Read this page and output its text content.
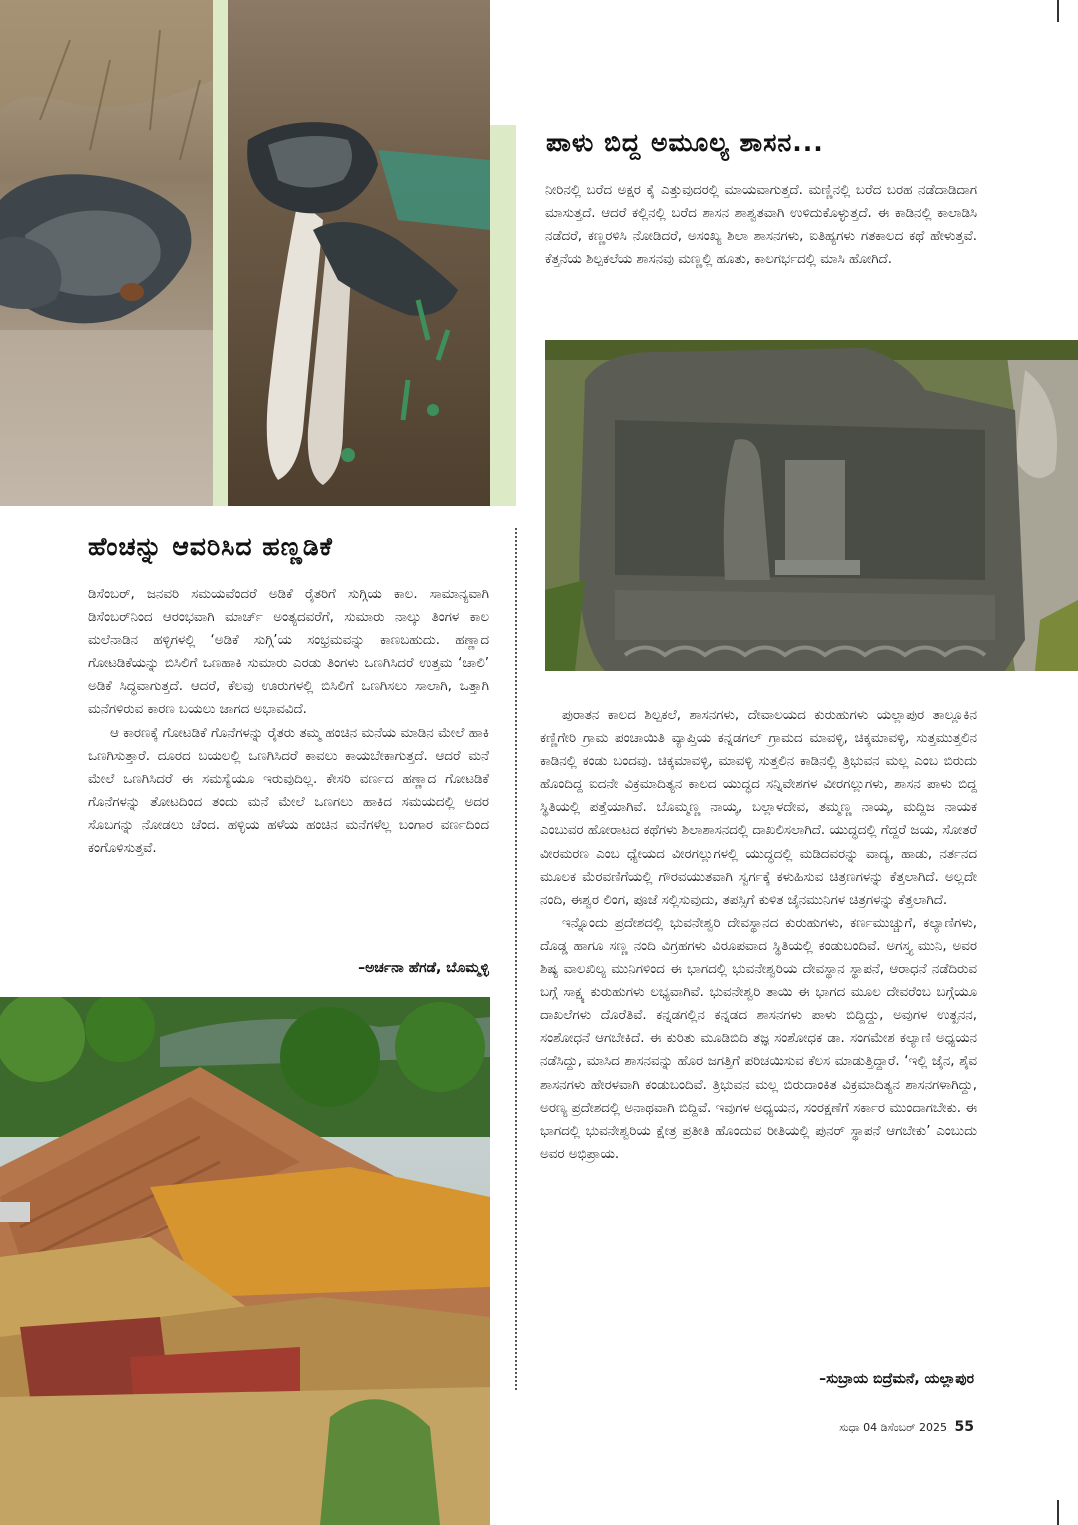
ಪಾಳು ಬಿದ್ದ ಅಮೂಲ್ಯ ಶಾಸನ...

ನೀರಿನಲ್ಲಿ ಬರೆದ ಅಕ್ಷರ ಕೈ ಎತ್ತುವುದರಲ್ಲಿ ಮಾಯವಾಗುತ್ತದೆ. ಮಣ್ಣಿನಲ್ಲಿ ಬರೆದ ಬರಹ ನಡೆದಾಡಿದಾಗ ಮಾಸುತ್ತದೆ. ಆದರೆ ಕಲ್ಲಿನಲ್ಲಿ ಬರೆದ ಶಾಸನ ಶಾಶ್ವತವಾಗಿ ಉಳಿದುಕೊಳ್ಳುತ್ತದೆ. ಈ ಕಾಡಿನಲ್ಲಿ ಕಾಲಾಡಿಸಿ ನಡೆದರೆ, ಕಣ್ಣರಳಿಸಿ ನೋಡಿದರೆ, ಅಸಂಖ್ಯ ಶಿಲಾ ಶಾಸನಗಳು, ಐತಿಹ್ಯಗಳು ಗತಕಾಲದ ಕಥೆ ಹೇಳುತ್ತವೆ. ಕೆತ್ತನೆಯ ಶಿಲ್ಪಕಲೆಯ ಶಾಸನವು ಮಣ್ಣಲ್ಲಿ ಹೂತು, ಕಾಲಗರ್ಭದಲ್ಲಿ ಮಾಸಿ ಹೋಗಿದೆ.

ಹೆಂಚನ್ನು ಆವರಿಸಿದ ಹಣ್ಣಡಿಕೆ

ಡಿಸೆಂಬರ್, ಜನವರಿ ಸಮಯವೆಂದರೆ ಅಡಿಕೆ ರೈತರಿಗೆ ಸುಗ್ಗಿಯ ಕಾಲ. ಸಾಮಾನ್ಯವಾಗಿ ಡಿಸೆಂಬರ್‌ನಿಂದ ಆರಂಭವಾಗಿ ಮಾರ್ಚ್ ಅಂತ್ಯದವರೆಗೆ, ಸುಮಾರು ನಾಲ್ಕು ತಿಂಗಳ ಕಾಲ ಮಲೆನಾಡಿನ ಹಳ್ಳಿಗಳಲ್ಲಿ ‘ಅಡಿಕೆ ಸುಗ್ಗಿ’ಯ ಸಂಭ್ರಮವನ್ನು ಕಾಣಬಹುದು. ಹಣ್ಣಾದ ಗೋಟಡಿಕೆಯನ್ನು ಬಿಸಿಲಿಗೆ ಒಣಹಾಕಿ ಸುಮಾರು ಎರಡು ತಿಂಗಳು ಒಣಗಿಸಿದರೆ ಉತ್ತಮ ‘ಚಾಲಿ’ ಅಡಿಕೆ ಸಿದ್ಧವಾಗುತ್ತದೆ. ಆದರೆ, ಕೆಲವು ಊರುಗಳಲ್ಲಿ ಬಿಸಿಲಿಗೆ ಒಣಗಿಸಲು ಸಾಲಾಗಿ, ಒತ್ತಾಗಿ ಮನೆಗಳಿರುವ ಕಾರಣ ಬಯಲು ಜಾಗದ ಅಭಾವವಿದೆ.

ಆ ಕಾರಣಕ್ಕೆ ಗೋಟಡಿಕೆ ಗೊನೆಗಳನ್ನು ರೈತರು ತಮ್ಮ ಹಂಚಿನ ಮನೆಯ ಮಾಡಿನ ಮೇಲೆ ಹಾಕಿ ಒಣಗಿಸುತ್ತಾರೆ. ದೂರದ ಬಯಲಲ್ಲಿ ಒಣಗಿಸಿದರೆ ಕಾವಲು ಕಾಯಬೇಕಾಗುತ್ತದೆ. ಆದರೆ ಮನೆ ಮೇಲೆ ಒಣಗಿಸಿದರೆ ಈ ಸಮಸ್ಯೆಯೂ ಇರುವುದಿಲ್ಲ. ಕೇಸರಿ ವರ್ಣದ ಹಣ್ಣಾದ ಗೋಟಡಿಕೆ ಗೊನೆಗಳನ್ನು ತೋಟದಿಂದ ತಂದು ಮನೆ ಮೇಲೆ ಒಣಗಲು ಹಾಕಿದ ಸಮಯದಲ್ಲಿ ಅದರ ಸೊಬಗನ್ನು ನೋಡಲು ಚೆಂದ. ಹಳ್ಳಿಯ ಹಳೆಯ ಹಂಚಿನ ಮನೆಗಳೆಲ್ಲ ಬಂಗಾರ ವರ್ಣದಿಂದ ಕಂಗೊಳಿಸುತ್ತವೆ.

–ಅರ್ಚನಾ ಹೆಗಡೆ, ಬೊಮ್ಮಳ್ಳಿ

ಪುರಾತನ ಕಾಲದ ಶಿಲ್ಪಕಲೆ, ಶಾಸನಗಳು, ದೇವಾಲಯದ ಕುರುಹುಗಳು ಯಲ್ಲಾಪುರ ತಾಲ್ಲೂಕಿನ ಕಣ್ಣಿಗೇರಿ ಗ್ರಾಮ ಪಂಚಾಯಿತಿ ವ್ಯಾಪ್ತಿಯ ಕನ್ನಡಗಲ್ ಗ್ರಾಮದ ಮಾವಳ್ಳಿ, ಚಿಕ್ಕಮಾವಳ್ಳಿ, ಸುತ್ತಮುತ್ತಲಿನ ಕಾಡಿನಲ್ಲಿ ಕಂಡು ಬಂದವು. ಚಿಕ್ಕಮಾವಳ್ಳಿ, ಮಾವಳ್ಳಿ ಸುತ್ತಲಿನ ಕಾಡಿನಲ್ಲಿ ತ್ರಿಭುವನ ಮಲ್ಲ ಎಂಬ ಬಿರುದು ಹೊಂದಿದ್ದ ಐದನೇ ವಿಕ್ರಮಾದಿತ್ಯನ ಕಾಲದ ಯುದ್ಧದ ಸನ್ನಿವೇಶಗಳ ವೀರಗಲ್ಲುಗಳು, ಶಾಸನ ಪಾಳು ಬಿದ್ದ ಸ್ಥಿತಿಯಲ್ಲಿ ಪತ್ತೆಯಾಗಿವೆ. ಬೊಮ್ಮಣ್ಣ ನಾಯ್ಕ, ಬಲ್ಲಾಳದೇವ, ತಮ್ಮಣ್ಣ ನಾಯ್ಕ, ಮದ್ದಿಜ ನಾಯಕ ಎಂಬುವರ ಹೋರಾಟದ ಕಥೆಗಳು ಶಿಲಾಶಾಸನದಲ್ಲಿ ದಾಖಲಿಸಲಾಗಿದೆ. ಯುದ್ಧದಲ್ಲಿ ಗೆದ್ದರೆ ಜಯ, ಸೋತರೆ ವೀರಮರಣ ಎಂಬ ಧ್ಯೇಯದ ವೀರಗಲ್ಲುಗಳಲ್ಲಿ ಯುದ್ಧದಲ್ಲಿ ಮಡಿದವರನ್ನು ವಾದ್ಯ, ಹಾಡು, ನರ್ತನದ ಮೂಲಕ ಮೆರವಣಿಗೆಯಲ್ಲಿ ಗೌರವಯುತವಾಗಿ ಸ್ವರ್ಗಕ್ಕೆ ಕಳುಹಿಸುವ ಚಿತ್ರಣಗಳನ್ನು ಕೆತ್ತಲಾಗಿದೆ. ಅಲ್ಲದೇ ನಂದಿ, ಈಶ್ವರ ಲಿಂಗ, ಪೂಜೆ ಸಲ್ಲಿಸುವುದು, ತಪಸ್ಸಿಗೆ ಕುಳಿತ ಜೈನಮುನಿಗಳ ಚಿತ್ರಗಳನ್ನು ಕೆತ್ತಲಾಗಿದೆ.

ಇನ್ನೊಂದು ಪ್ರದೇಶದಲ್ಲಿ ಭುವನೇಶ್ವರಿ ದೇವಸ್ಥಾನದ ಕುರುಹುಗಳು, ಕರ್ಣಮುಚ್ಚುಗೆ, ಕಲ್ಯಾಣಿಗಳು, ದೊಡ್ಡ ಹಾಗೂ ಸಣ್ಣ ನಂದಿ ವಿಗ್ರಹಗಳು ವಿರೂಪವಾದ ಸ್ಥಿತಿಯಲ್ಲಿ ಕಂಡುಬಂದಿವೆ. ಅಗಸ್ತ್ಯ ಮುನಿ, ಅವರ ಶಿಷ್ಯ ವಾಲಖಿಲ್ಯ ಮುನಿಗಳಿಂದ ಈ ಭಾಗದಲ್ಲಿ ಭುವನೇಶ್ವರಿಯ ದೇವಸ್ಥಾನ ಸ್ಥಾಪನೆ, ಆರಾಧನೆ ನಡೆದಿರುವ ಬಗ್ಗೆ ಸಾಕ್ಷ್ಯ ಕುರುಹುಗಳು ಲಭ್ಯವಾಗಿವೆ. ಭುವನೇಶ್ವರಿ ತಾಯಿ ಈ ಭಾಗದ ಮೂಲ ದೇವರೆಂಬ ಬಗ್ಗೆಯೂ ದಾಖಲೆಗಳು ದೊರೆತಿವೆ. ಕನ್ನಡಗಲ್ಲಿನ ಕನ್ನಡದ ಶಾಸನಗಳು ಪಾಳು ಬಿದ್ದಿದ್ದು, ಅವುಗಳ ಉತ್ಖನನ, ಸಂಶೋಧನೆ ಆಗಬೇಕಿದೆ. ಈ ಕುರಿತು ಮೂಡಿಬಿದಿ ತಜ್ಞ ಸಂಶೋಧಕ ಡಾ. ಸಂಗಮೇಶ ಕಲ್ಯಾಣಿ ಅಧ್ಯಯನ ನಡೆಸಿದ್ದು, ಮಾಸಿದ ಶಾಸನವನ್ನು ಹೊರ ಜಗತ್ತಿಗೆ ಪರಿಚಯಿಸುವ ಕೆಲಸ ಮಾಡುತ್ತಿದ್ದಾರೆ. ‘ಇಲ್ಲಿ ಜೈನ, ಶೈವ ಶಾಸನಗಳು ಹೇರಳವಾಗಿ ಕಂಡುಬಂದಿವೆ. ತ್ರಿಭುವನ ಮಲ್ಲ ಬಿರುದಾಂಕಿತ ವಿಕ್ರಮಾದಿತ್ಯನ ಶಾಸನಗಳಾಗಿದ್ದು, ಅರಣ್ಯ ಪ್ರದೇಶದಲ್ಲಿ ಅನಾಥವಾಗಿ ಬಿದ್ದಿವೆ. ಇವುಗಳ ಅಧ್ಯಯನ, ಸಂರಕ್ಷಣೆಗೆ ಸರ್ಕಾರ ಮುಂದಾಗಬೇಕು. ಈ ಭಾಗದಲ್ಲಿ ಭುವನೇಶ್ವರಿಯ ಕ್ಷೇತ್ರ ಪ್ರತೀತಿ ಹೊಂದುವ ರೀತಿಯಲ್ಲಿ ಪುನರ್ ಸ್ಥಾಪನೆ ಆಗಬೇಕು’ ಎಂಬುದು ಅವರ ಅಭಿಪ್ರಾಯ.

–ಸುಬ್ರಾಯ ಬಿದ್ರೆಮನೆ, ಯಲ್ಲಾಪುರ
ಸುಧಾ 04 ಡಿಸೆಂಬರ್ 2025 55
